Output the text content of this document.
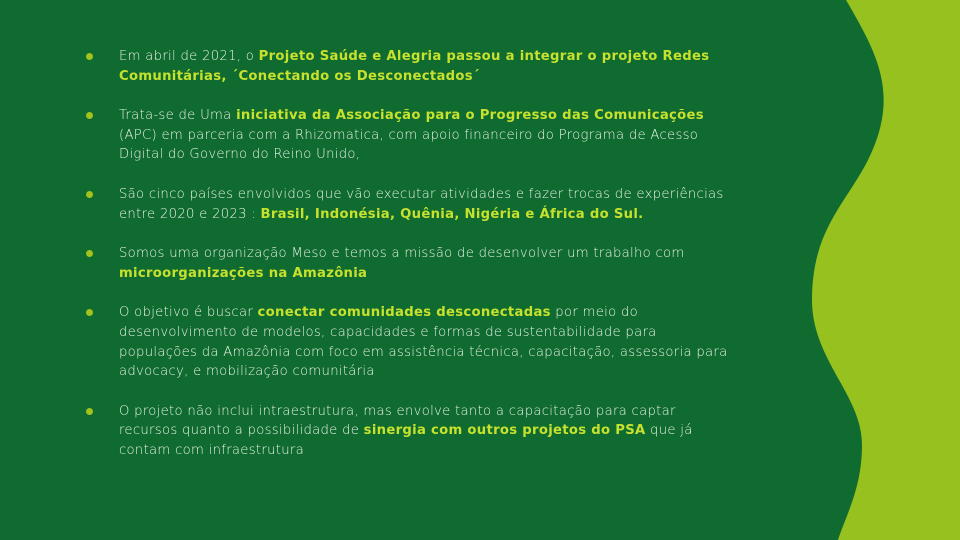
Em abril de 2021, o Projeto Saúde e Alegria passou a integrar o projeto Redes Comunitárias, ´Conectando os Desconectados´

Trata-se de Uma iniciativa da Associação para o Progresso das Comunicações (APC) em parceria com a Rhizomatica, com apoio financeiro do Programa de Acesso Digital do Governo do Reino Unido,

São cinco países envolvidos que vão executar atividades e fazer trocas de experiências entre 2020 e 2023 : Brasil, Indonésia, Quênia, Nigéria e África do Sul.

Somos uma organização Meso e temos a missão de desenvolver um trabalho com microorganizações na Amazônia

O objetivo é buscar conectar comunidades desconectadas por meio do desenvolvimento de modelos, capacidades e formas de sustentabilidade para populações da Amazônia com foco em assistência técnica, capacitação, assessoria para advocacy, e mobilização comunitária

O projeto não inclui intraestrutura, mas envolve tanto a capacitação para captar recursos quanto a possibilidade de sinergia com outros projetos do PSA que já contam com infraestrutura
